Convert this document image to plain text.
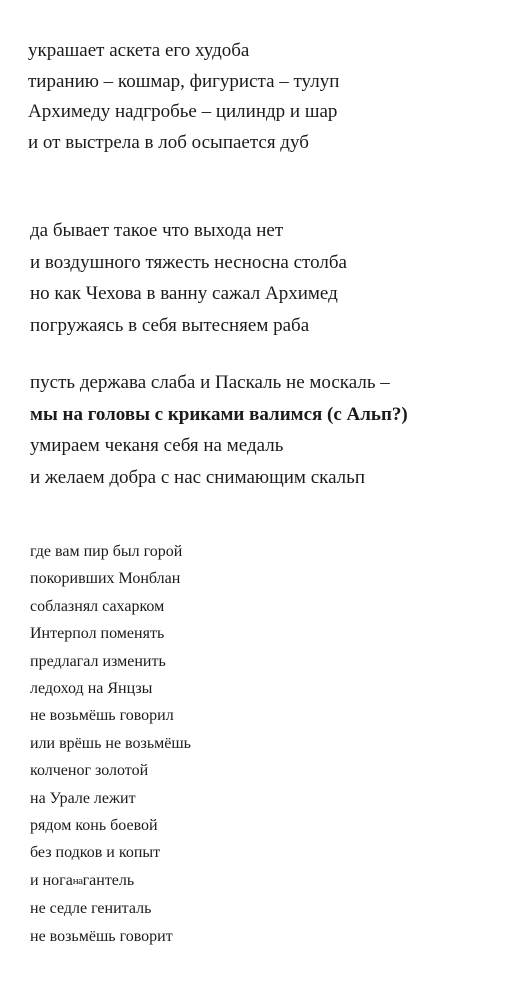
украшает аскета его худоба
тиранию – кошмар, фигуриста – тулуп
Архимеду надгробье – цилиндр и шар
и от выстрела в лоб осыпается дуб
да бывает такое что выхода нет
и воздушного тяжесть несносна столба
но как Чехова в ванну сажал Архимед
погружаясь в себя вытесняем раба
пусть держава слаба и Паскаль не москаль –
мы на головы с криками валимся (с Альп?)
умираем чеканя себя на медаль
и желаем добра с нас снимающим скальп
где вам пир был горой
покоривших Монблан
соблазнял сахарком
Интерпол поменять
предлагал изменить
ледоход на Янцзы
не возьмёшь говорил
или врёшь не возьмёшь
колченог золотой
на Урале лежит
рядом конь боевой
без подков и копыт
и ноганагантель
не седле гениталь
не возьмёшь говорит
